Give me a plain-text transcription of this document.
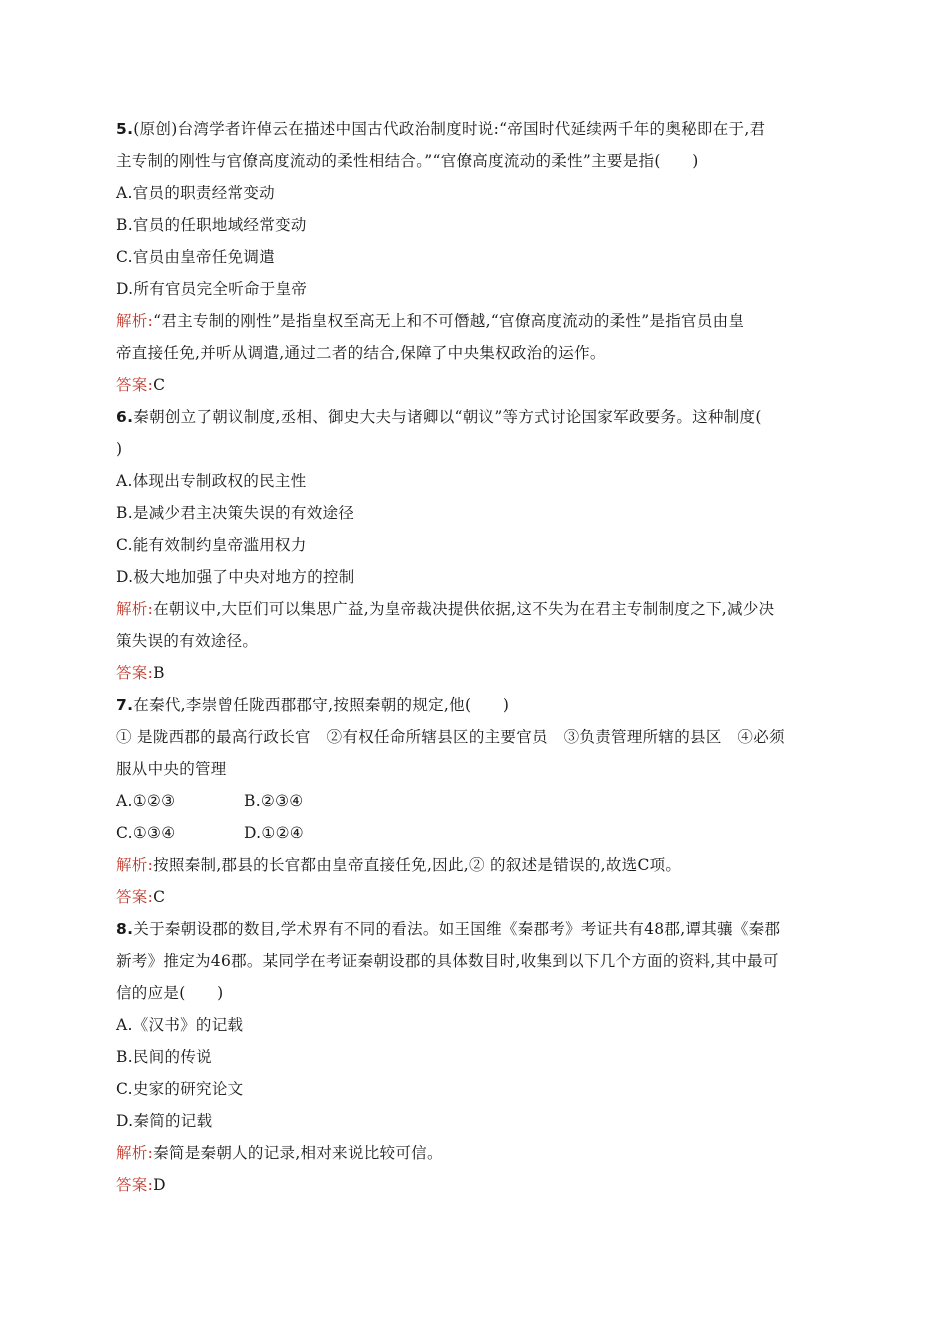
5.(原创)台湾学者许倬云在描述中国古代政治制度时说:“帝国时代延续两千年的奥秘即在于,君
主专制的刚性与官僚高度流动的柔性相结合。”“官僚高度流动的柔性”主要是指(　　)
A.官员的职责经常变动
B.官员的任职地域经常变动
C.官员由皇帝任免调遣
D.所有官员完全听命于皇帝
解析:“君主专制的刚性”是指皇权至高无上和不可僭越,“官僚高度流动的柔性”是指官员由皇
帝直接任免,并听从调遣,通过二者的结合,保障了中央集权政治的运作。
答案:C
6.秦朝创立了朝议制度,丞相、御史大夫与诸卿以“朝议”等方式讨论国家军政要务。这种制度(
)
A.体现出专制政权的民主性
B.是减少君主决策失误的有效途径
C.能有效制约皇帝滥用权力
D.极大地加强了中央对地方的控制
解析:在朝议中,大臣们可以集思广益,为皇帝裁决提供依据,这不失为在君主专制制度之下,减少决
策失误的有效途径。
答案:B
7.在秦代,李崇曾任陇西郡郡守,按照秦朝的规定,他(　　)
① 是陇西郡的最高行政长官　②有权任命所辖县区的主要官员　③负责管理所辖的县区　④必须
服从中央的管理
A.①②③	B.②③④
C.①③④	D.①②④
解析:按照秦制,郡县的长官都由皇帝直接任免,因此,② 的叙述是错误的,故选C项。
答案:C
8.关于秦朝设郡的数目,学术界有不同的看法。如王国维《秦郡考》考证共有48郡,谭其骧《秦郡
新考》推定为46郡。某同学在考证秦朝设郡的具体数目时,收集到以下几个方面的资料,其中最可
信的应是(　　)
A.《汉书》的记载
B.民间的传说
C.史家的研究论文
D.秦简的记载
解析:秦简是秦朝人的记录,相对来说比较可信。
答案:D
